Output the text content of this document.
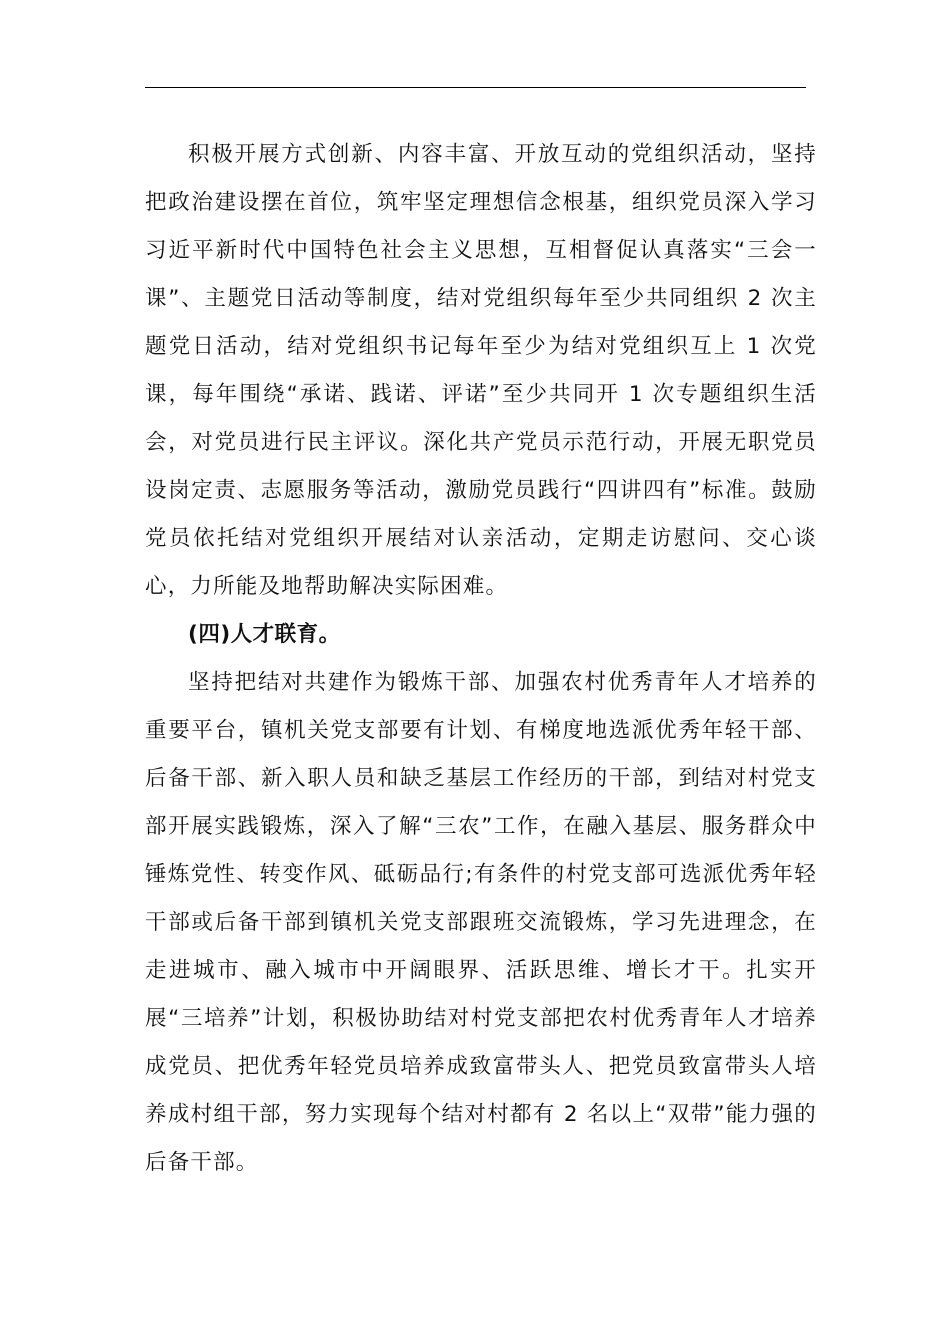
积极开展方式创新、内容丰富、开放互动的党组织活动，坚持把政治建设摆在首位，筑牢坚定理想信念根基，组织党员深入学习习近平新时代中国特色社会主义思想，互相督促认真落实“三会一课”、主题党日活动等制度，结对党组织每年至少共同组织 2 次主题党日活动，结对党组织书记每年至少为结对党组织互上 1 次党课，每年围绕“承诺、践诺、评诺”至少共同开 1 次专题组织生活会，对党员进行民主评议。深化共产党员示范行动，开展无职党员设岗定责、志愿服务等活动，激励党员践行“四讲四有”标准。鼓励党员依托结对党组织开展结对认亲活动，定期走访慰问、交心谈心，力所能及地帮助解决实际困难。

(四)人才联育。

坚持把结对共建作为锻炼干部、加强农村优秀青年人才培养的重要平台，镇机关党支部要有计划、有梯度地选派优秀年轻干部、后备干部、新入职人员和缺乏基层工作经历的干部，到结对村党支部开展实践锻炼，深入了解“三农”工作，在融入基层、服务群众中锤炼党性、转变作风、砥砺品行;有条件的村党支部可选派优秀年轻干部或后备干部到镇机关党支部跟班交流锻炼，学习先进理念，在走进城市、融入城市中开阔眼界、活跃思维、增长才干。扎实开展“三培养”计划，积极协助结对村党支部把农村优秀青年人才培养成党员、把优秀年轻党员培养成致富带头人、把党员致富带头人培养成村组干部，努力实现每个结对村都有 2 名以上“双带”能力强的后备干部。
